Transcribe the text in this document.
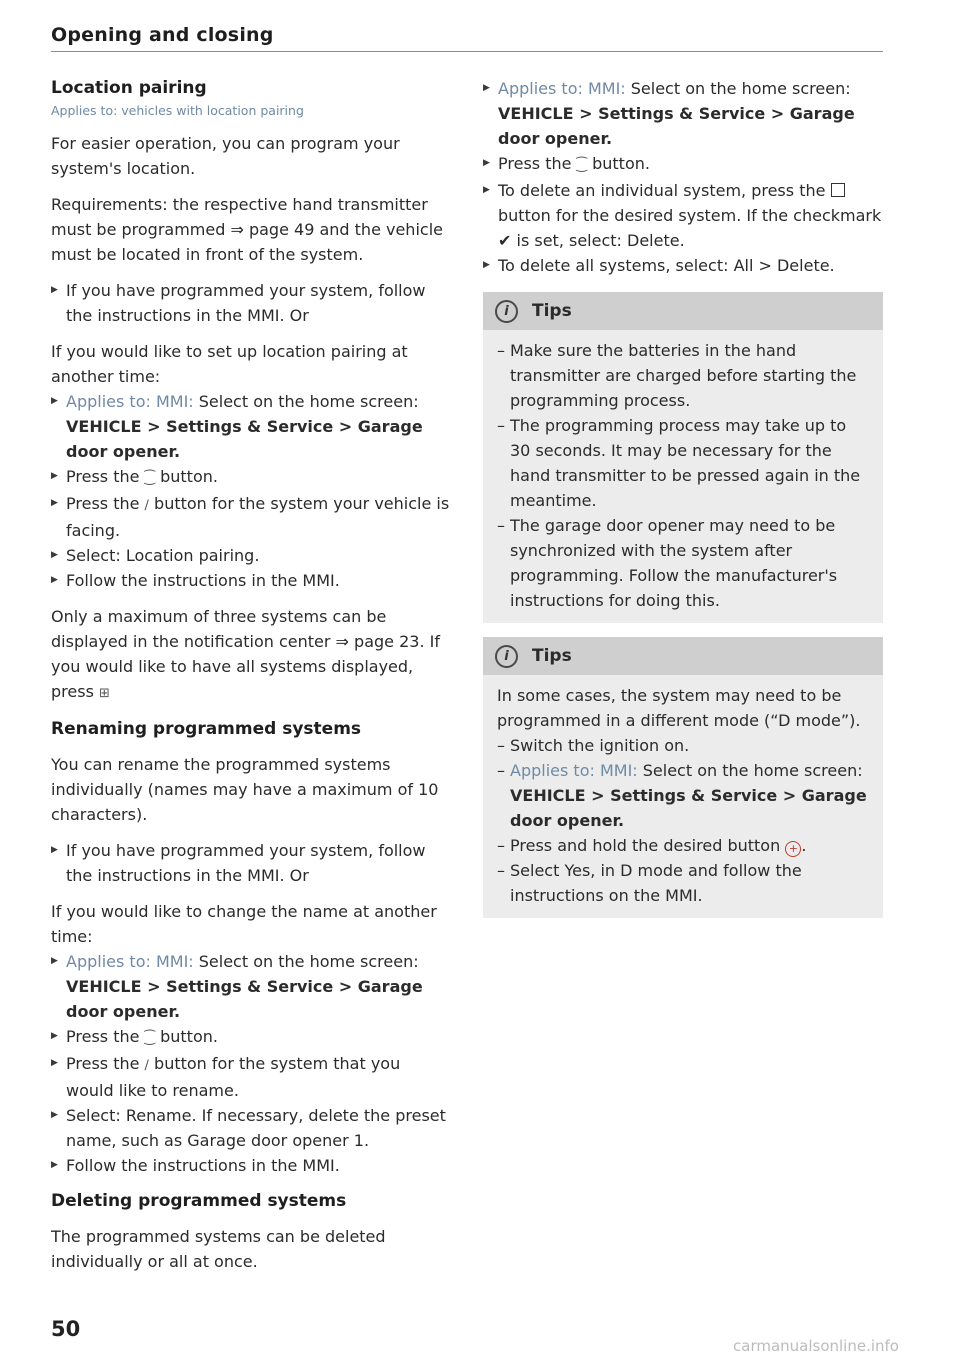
Opening and closing
Location pairing

Applies to: vehicles with location pairing

For easier operation, you can program your system's location.

Requirements: the respective hand transmitter must be programmed ⇒ page 49 and the vehicle must be located in front of the system.

▶ If you have programmed your system, follow the instructions in the MMI. Or

If you would like to set up location pairing at another time:

▶ Applies to: MMI: Select on the home screen: VEHICLE > Settings & Service > Garage door opener.

▶ Press the ⁐ button.

▶ Press the ∕ button for the system your vehicle is facing.

▶ Select: Location pairing.

▶ Follow the instructions in the MMI.

Only a maximum of three systems can be displayed in the notification center ⇒ page 23. If you would like to have all systems displayed, press ⊞

Renaming programmed systems

You can rename the programmed systems individually (names may have a maximum of 10 characters).

▶ If you have programmed your system, follow the instructions in the MMI. Or

If you would like to change the name at another time:

▶ Applies to: MMI: Select on the home screen: VEHICLE > Settings & Service > Garage door opener.

▶ Press the ⁐ button.

▶ Press the ∕ button for the system that you would like to rename.

▶ Select: Rename. If necessary, delete the preset name, such as Garage door opener 1.

▶ Follow the instructions in the MMI.

Deleting programmed systems

The programmed systems can be deleted individually or all at once.

▶ Applies to: MMI: Select on the home screen: VEHICLE > Settings & Service > Garage door opener.

▶ Press the ⁐ button.

▶ To delete an individual system, press the  button for the desired system. If the checkmark ✔ is set, select: Delete.

▶ To delete all systems, select: All > Delete.

i	Tips

– Make sure the batteries in the hand transmitter are charged before starting the programming process.

– The programming process may take up to 30 seconds. It may be necessary for the hand transmitter to be pressed again in the meantime.

– The garage door opener may need to be synchronized with the system after programming. Follow the manufacturer's instructions for doing this.

i	Tips

In some cases, the system may need to be programmed in a different mode (“D mode”).

– Switch the ignition on.

– Applies to: MMI: Select on the home screen: VEHICLE > Settings & Service > Garage door opener.

– Press and hold the desired button + .

– Select Yes, in D mode and follow the instructions on the MMI.

50
carmanualsonline.info
